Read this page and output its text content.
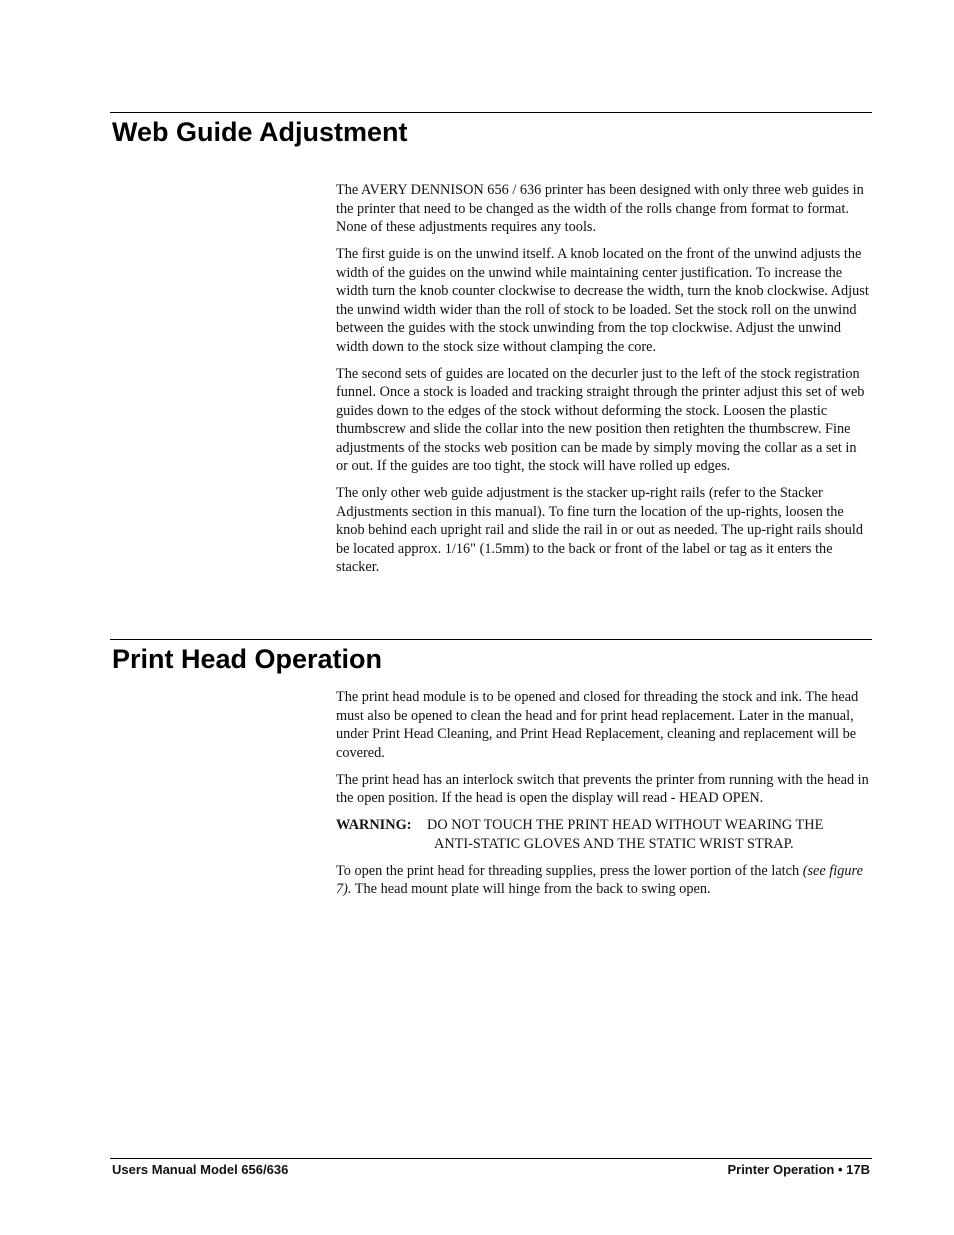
Web Guide Adjustment

The AVERY DENNISON 656 / 636 printer has been designed with only three web guides in the printer that need to be changed as the width of the rolls change from format to format. None of these adjustments requires any tools.

The first guide is on the unwind itself. A knob located on the front of the unwind adjusts the width of the guides on the unwind while maintaining center justification. To increase the width turn the knob counter clockwise to decrease the width, turn the knob clockwise. Adjust the unwind width wider than the roll of stock to be loaded. Set the stock roll on the unwind between the guides with the stock unwinding from the top clockwise. Adjust the unwind width down to the stock size without clamping the core.

The second sets of guides are located on the decurler just to the left of the stock registration funnel. Once a stock is loaded and tracking straight through the printer adjust this set of web guides down to the edges of the stock without deforming the stock. Loosen the plastic thumbscrew and slide the collar into the new position then retighten the thumbscrew. Fine adjustments of the stocks web position can be made by simply moving the collar as a set in or out. If the guides are too tight, the stock will have rolled up edges.

The only other web guide adjustment is the stacker up-right rails (refer to the Stacker Adjustments section in this manual). To fine turn the location of the up-rights, loosen the knob behind each upright rail and slide the rail in or out as needed. The up-right rails should be located approx. 1/16" (1.5mm) to the back or front of the label or tag as it enters the stacker.

Print Head Operation

The print head module is to be opened and closed for threading the stock and ink. The head must also be opened to clean the head and for print head replacement. Later in the manual, under Print Head Cleaning, and Print Head Replacement, cleaning and replacement will be covered.

The print head has an interlock switch that prevents the printer from running with the head in the open position. If the head is open the display will read - HEAD OPEN.

WARNING:	DO NOT TOUCH THE PRINT HEAD WITHOUT WEARING THE
ANTI-STATIC GLOVES AND THE STATIC WRIST STRAP.

To open the print head for threading supplies, press the lower portion of the latch (see figure 7). The head mount plate will hinge from the back to swing open.

Users Manual Model 656/636	Printer Operation • 17B
